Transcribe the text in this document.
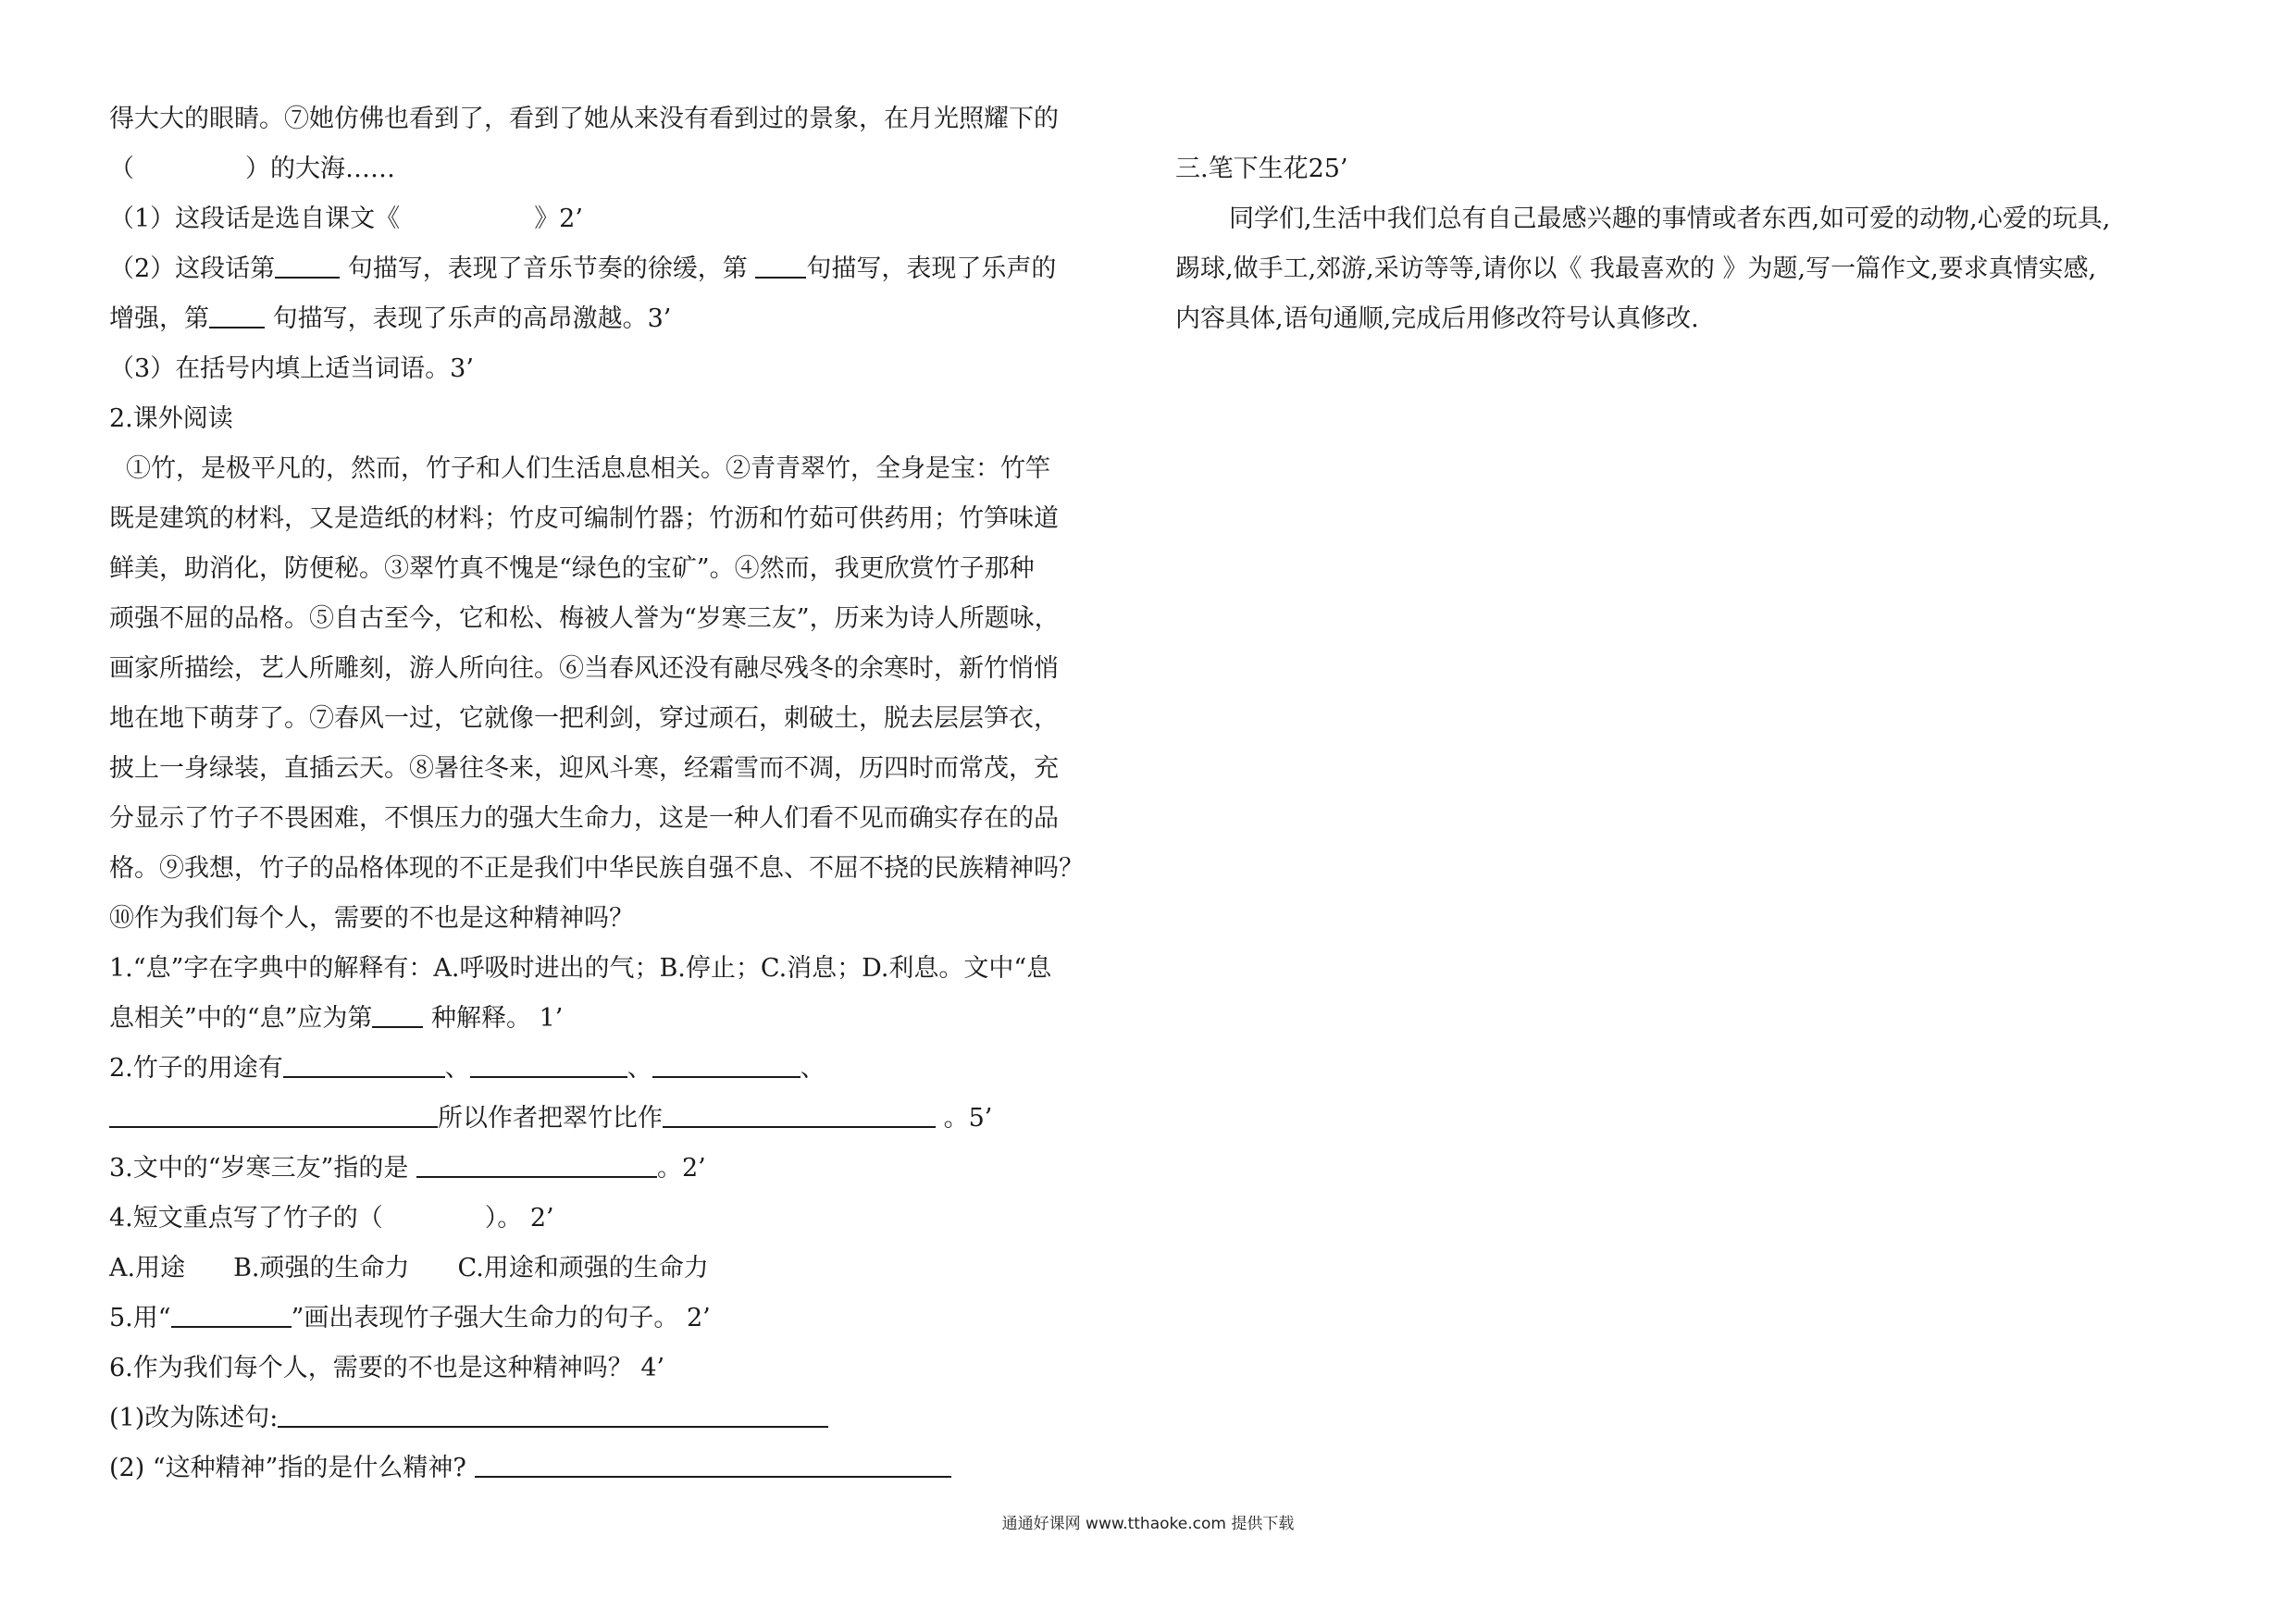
得大大的眼睛。⑦她仿佛也看到了，看到了她从来没有看到过的景象，在月光照耀下的
（	）的大海……
（1）这段话是选自课文《	》2’
（2）这段话第	句描写，表现了音乐节奏的徐缓，第 句描写，表现了乐声的
增强，第	句描写，表现了乐声的高昂激越。3’
（3）在括号内填上适当词语。3’
2.课外阅读
①竹，是极平凡的，然而，竹子和人们生活息息相关。②青青翠竹，全身是宝：竹竿
既是建筑的材料，又是造纸的材料；竹皮可编制竹器；竹沥和竹茹可供药用；竹笋味道
鲜美，助消化，防便秘。③翠竹真不愧是“绿色的宝矿”。④然而，我更欣赏竹子那种
顽强不屈的品格。⑤自古至今，它和松、梅被人誉为“岁寒三友”，历来为诗人所题咏，
画家所描绘，艺人所雕刻，游人所向往。⑥当春风还没有融尽残冬的余寒时，新竹悄悄
地在地下萌芽了。⑦春风一过，它就像一把利剑，穿过顽石，刺破土，脱去层层笋衣，
披上一身绿装，直插云天。⑧暑往冬来，迎风斗寒，经霜雪而不凋，历四时而常茂，充
分显示了竹子不畏困难，不惧压力的强大生命力，这是一种人们看不见而确实存在的品
格。⑨我想，竹子的品格体现的不正是我们中华民族自强不息、不屈不挠的民族精神吗？
⑩作为我们每个人，需要的不也是这种精神吗？
1.“息”字在字典中的解释有：A.呼吸时进出的气；B.停止；C.消息；D.利息。文中“息
息相关”中的“息”应为第 种解释。 1’
2.竹子的用途有	、	、	、
所以作者把翠竹比作	。5’
3.文中的“岁寒三友”指的是	。2’
4.短文重点写了竹子的（	）。 2’
A.用途 B.顽强的生命力 C.用途和顽强的生命力
5.用“	”画出表现竹子强大生命力的句子。 2’
6.作为我们每个人，需要的不也是这种精神吗？ 4’
(1)改为陈述句:
(2) “这种精神”指的是什么精神?
三.笔下生花25’
同学们,生活中我们总有自己最感兴趣的事情或者东西,如可爱的动物,心爱的玩具,
踢球,做手工,郊游,采访等等,请你以《 我最喜欢的 》为题,写一篇作文,要求真情实感,
内容具体,语句通顺,完成后用修改符号认真修改.
通通好课网 www.tthaoke.com 提供下载
